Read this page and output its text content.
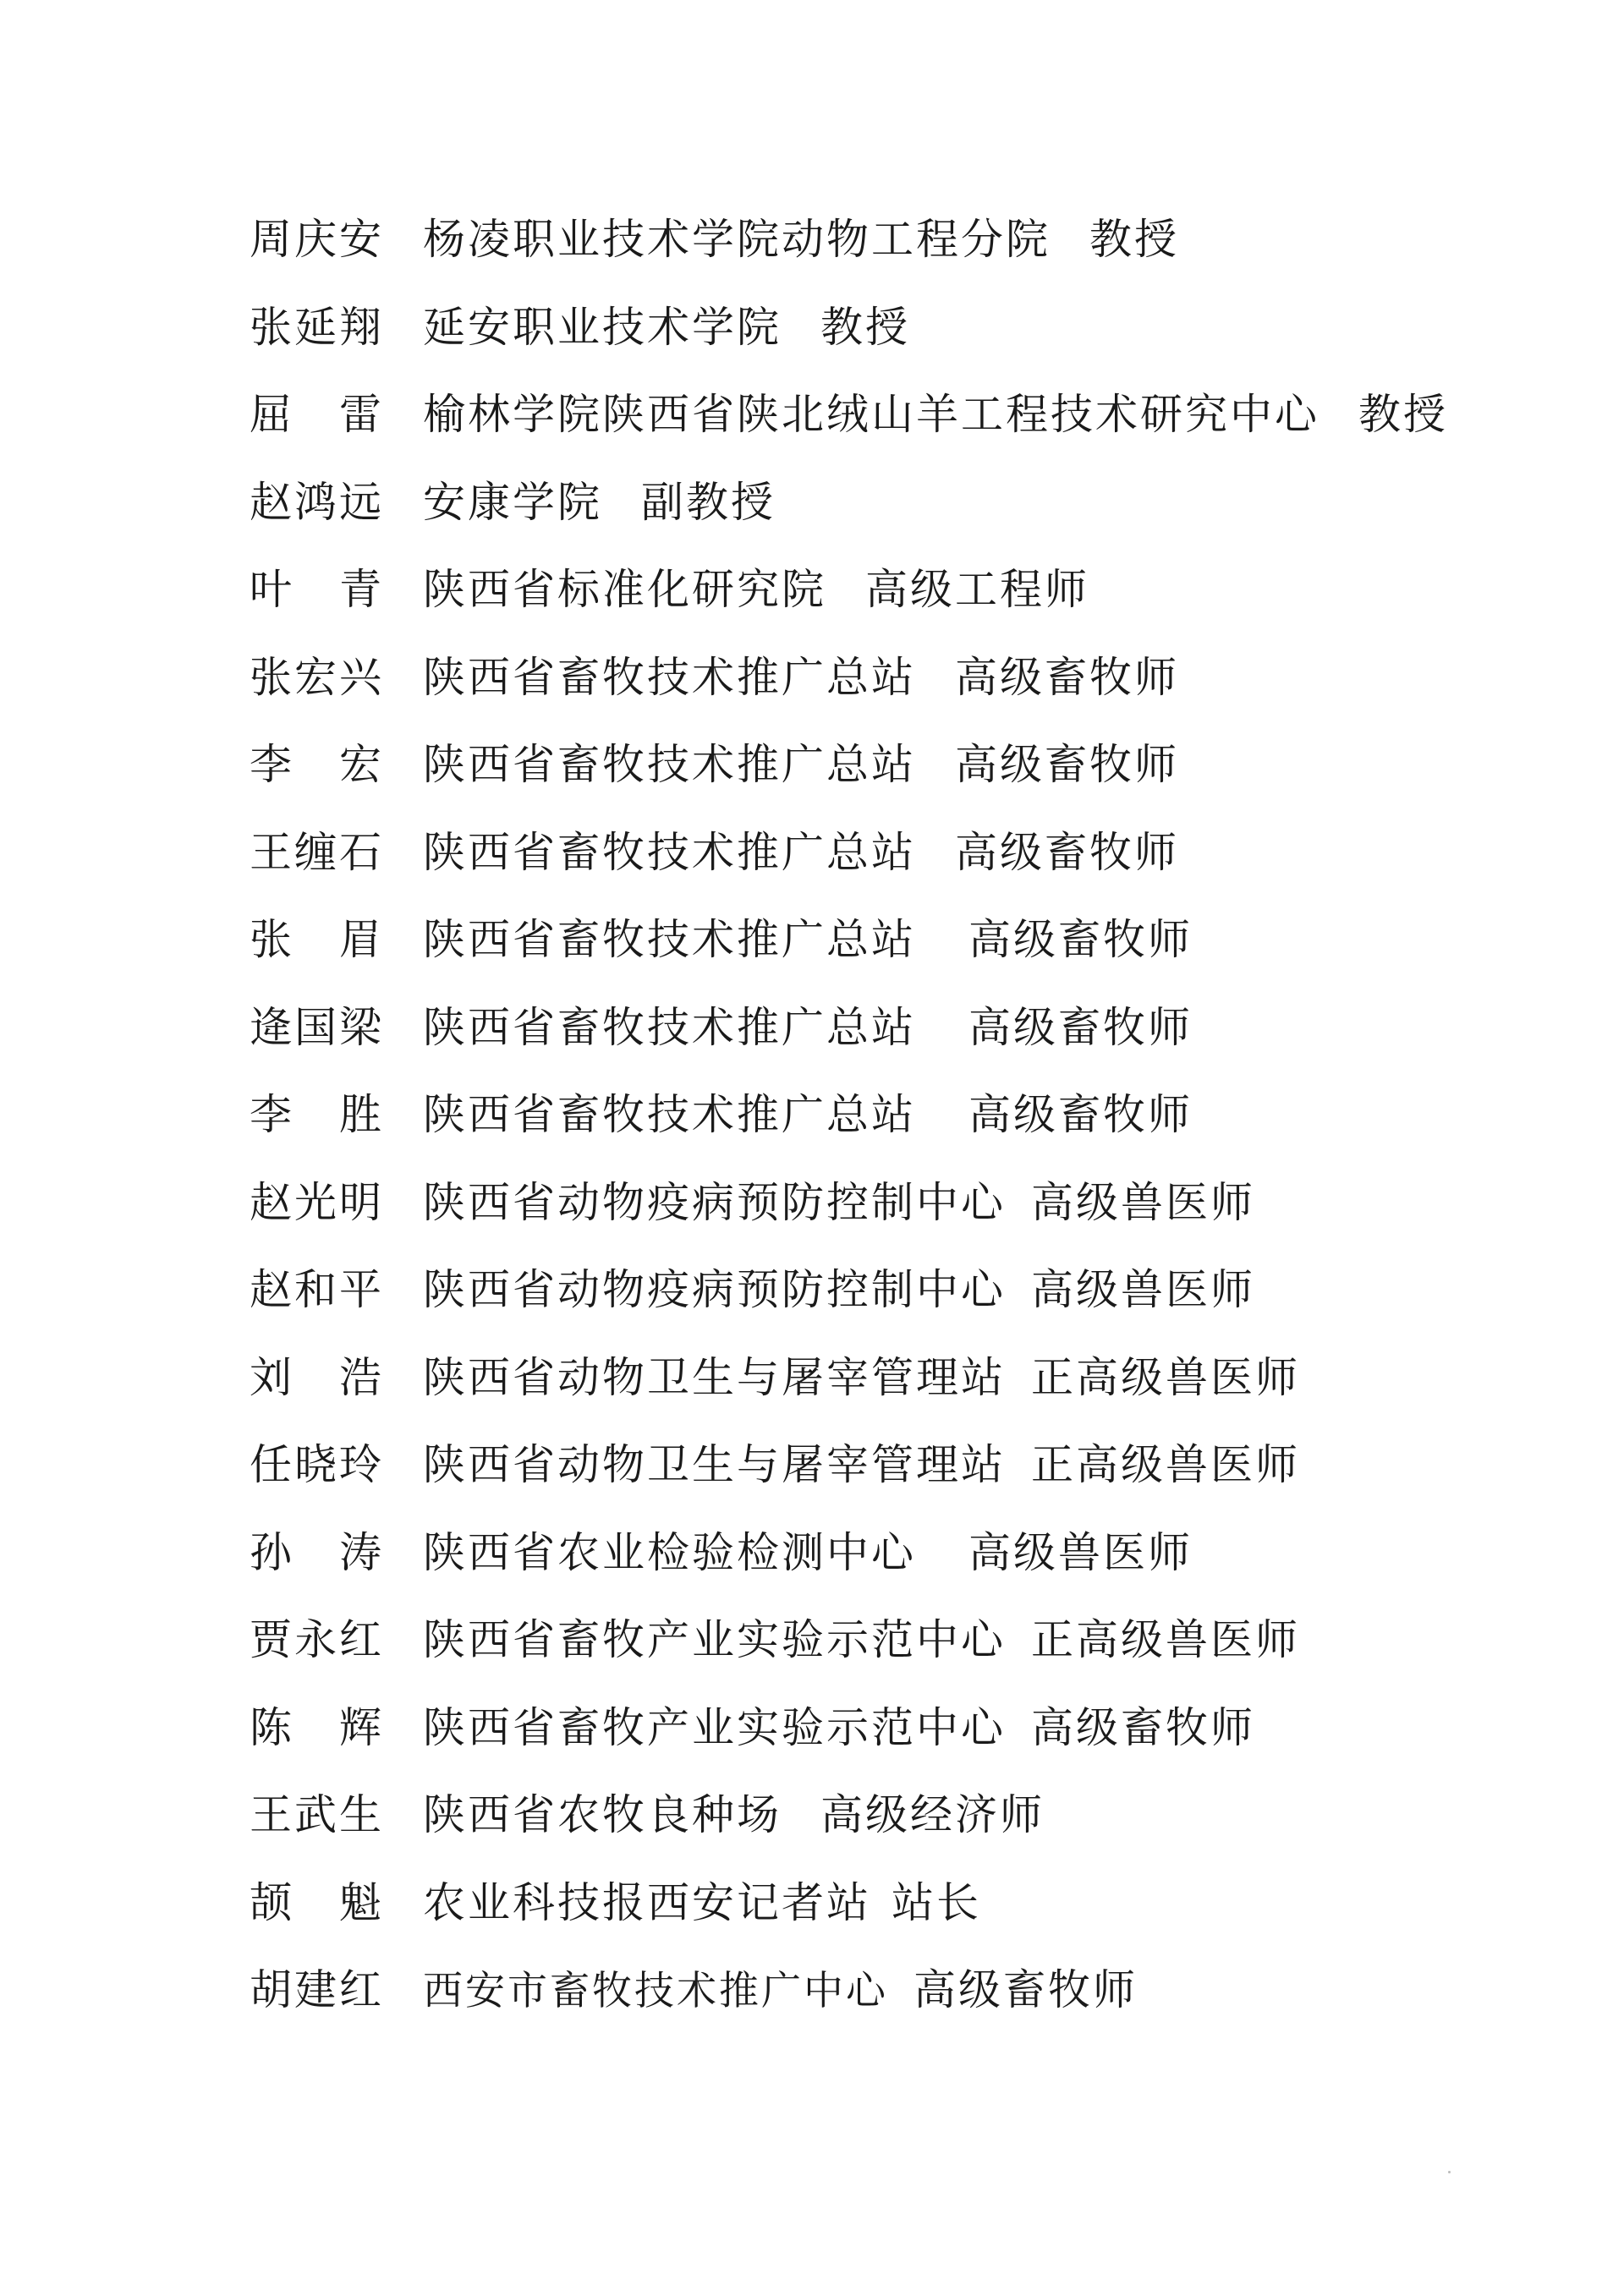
周庆安 杨凌职业技术学院动物工程分院 教授
张延翔 延安职业技术学院 教授
屈　雷 榆林学院陕西省陕北绒山羊工程技术研究中心 教授
赵鸿远 安康学院 副教授
叶　青 陕西省标准化研究院 高级工程师
张宏兴 陕西省畜牧技术推广总站 高级畜牧师
李　宏 陕西省畜牧技术推广总站 高级畜牧师
王缠石 陕西省畜牧技术推广总站 高级畜牧师
张　眉 陕西省畜牧技术推广总站 高级畜牧师
逄国梁 陕西省畜牧技术推广总站 高级畜牧师
李　胜 陕西省畜牧技术推广总站 高级畜牧师
赵光明 陕西省动物疫病预防控制中心 高级兽医师
赵和平 陕西省动物疫病预防控制中心 高级兽医师
刘　浩 陕西省动物卫生与屠宰管理站 正高级兽医师
任晓玲 陕西省动物卫生与屠宰管理站 正高级兽医师
孙　涛 陕西省农业检验检测中心 高级兽医师
贾永红 陕西省畜牧产业实验示范中心 正高级兽医师
陈　辉 陕西省畜牧产业实验示范中心 高级畜牧师
王武生 陕西省农牧良种场 高级经济师
颉　魁 农业科技报西安记者站 站长
胡建红 西安市畜牧技术推广中心 高级畜牧师
